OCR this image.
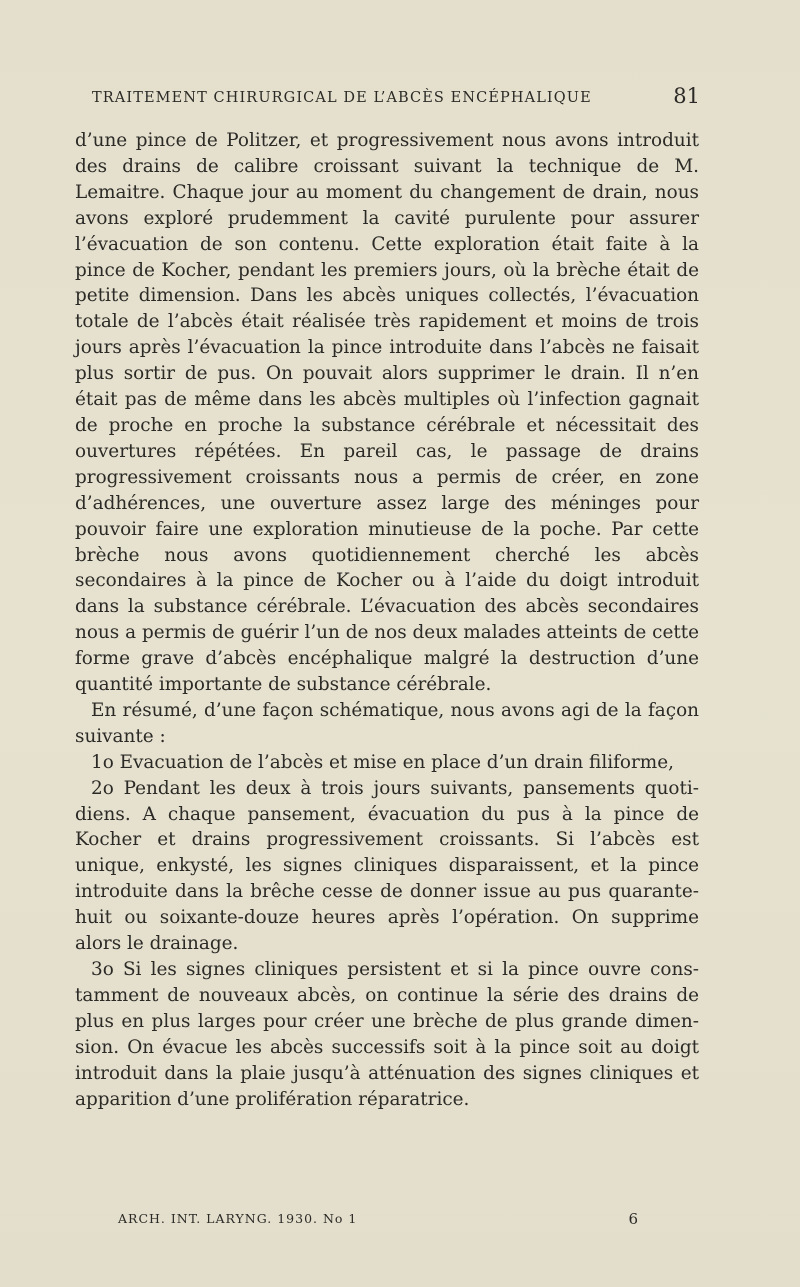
TRAITEMENT CHIRURGICAL DE L’ABCÈS ENCÉPHALIQUE	81

d’une pince de Politzer, et progressivement nous avons introduit des drains de calibre croissant suivant la technique de M. Lemaitre. Chaque jour au moment du changement de drain, nous avons exploré prudemment la cavité purulente pour assurer l’évacuation de son contenu. Cette exploration était faite à la pince de Kocher, pendant les premiers jours, où la brèche était de petite dimension. Dans les abcès uniques collectés, l’évacuation totale de l’abcès était réalisée très rapidement et moins de trois jours après l’évacuation la pince introduite dans l’abcès ne faisait plus sortir de pus. On pouvait alors supprimer le drain. Il n’en était pas de même dans les abcès multiples où l’infection gagnait de proche en proche la substance cérébrale et nécessitait des ouvertures répétées. En pareil cas, le passage de drains progressivement croissants nous a permis de créer, en zone d’adhérences, une ouverture assez large des méninges pour pouvoir faire une exploration minutieuse de la poche. Par cette brèche nous avons quotidiennement cherché les abcès secondaires à la pince de Kocher ou à l’aide du doigt introduit dans la substance cérébrale. L’évacuation des abcès secondaires nous a permis de guérir l’un de nos deux malades atteints de cette forme grave d’abcès encéphalique malgré la destruction d’une quantité importante de substance cérébrale.

En résumé, d’une façon schématique, nous avons agi de la façon suivante :

1o Evacuation de l’abcès et mise en place d’un drain filiforme,

2o Pendant les deux à trois jours suivants, pansements quotidiens. A chaque pansement, évacuation du pus à la pince de Kocher et drains progressivement croissants. Si l’abcès est unique, enkysté, les signes cliniques disparaissent, et la pince introduite dans la brêche cesse de donner issue au pus quarante-huit ou soixante-douze heures après l’opération. On supprime alors le drainage.

3o Si les signes cliniques persistent et si la pince ouvre constamment de nouveaux abcès, on continue la série des drains de plus en plus larges pour créer une brèche de plus grande dimension. On évacue les abcès successifs soit à la pince soit au doigt introduit dans la plaie jusqu’à atténuation des signes cliniques et apparition d’une prolifération réparatrice.

ARCH. INT. LARYNG. 1930. No 1	6
